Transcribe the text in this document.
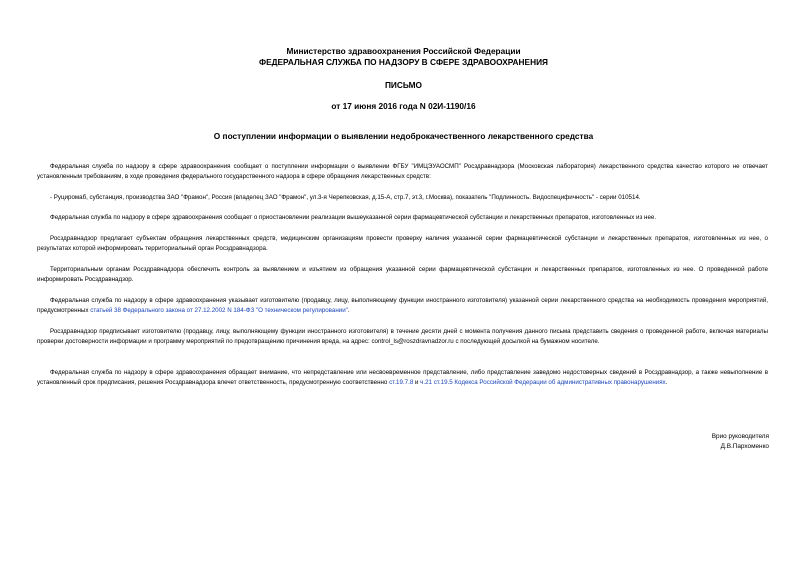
Министерство здравоохранения Российской Федерации
ФЕДЕРАЛЬНАЯ СЛУЖБА ПО НАДЗОРУ В СФЕРЕ ЗДРАВООХРАНЕНИЯ
ПИСЬМО
от 17 июня 2016 года N 02И-1190/16
О поступлении информации о выявлении недоброкачественного лекарственного средства
Федеральная служба по надзору в сфере здравоохранения сообщает о поступлении информации о выявлении ФГБУ "ИМЦЭУАОСМП" Росздравнадзора (Московская лаборатория) лекарственного средства качество которого не отвечает установленным требованиям, в ходе проведения федерального государственного надзора в сфере обращения лекарственных средств:
- Руциромаб, субстанция, производства ЗАО "Фрамон", Россия (владелец ЗАО "Фрамон", ул.3-я Черепковская, д.15-А, стр.7, эт.3, г.Москва), показатель "Подлинность. Видоспецифичность" - серии 010514.
Федеральная служба по надзору в сфере здравоохранения сообщает о приостановлении реализации вышеуказанной серии фармацевтической субстанции и лекарственных препаратов, изготовленных из нее.
Росздравнадзор предлагает субъектам обращения лекарственных средств, медицинским организациям провести проверку наличия указанной серии фармацевтической субстанции и лекарственных препаратов, изготовленных из нее, о результатах которой информировать территориальный орган Росздравнадзора.
Территориальным органам Росздравнадзора обеспечить контроль за выявлением и изъятием из обращения указанной серии фармацевтической субстанции и лекарственных препаратов, изготовленных из нее. О проведенной работе информировать Росздравнадзор.
Федеральная служба по надзору в сфере здравоохранения указывает изготовителю (продавцу, лицу, выполняющему функции иностранного изготовителя) указанной серии лекарственного средства на необходимость проведения мероприятий, предусмотренных статьей 38 Федерального закона от 27.12.2002 N 184-ФЗ "О техническом регулировании".
Росздравнадзор предписывает изготовителю (продавцу, лицу, выполняющему функции иностранного изготовителя) в течение десяти дней с момента получения данного письма представить сведения о проведенной работе, включая материалы проверки достоверности информации и программу мероприятий по предотвращению причинения вреда, на адрес: control_ls@roszdravnadzor.ru с последующей досылкой на бумажном носителе.
Федеральная служба по надзору в сфере здравоохранения обращает внимание, что непредставление или несвоевременное представление, либо представление заведомо недостоверных сведений в Росздравнадзор, а также невыполнение в установленный срок предписания, решения Росздравнадзора влечет ответственность, предусмотренную соответственно ст.19.7.8 и ч.21 ст.19.5 Кодекса Российской Федерации об административных правонарушениях.
Врио руководителя
Д.В.Пархоменко
